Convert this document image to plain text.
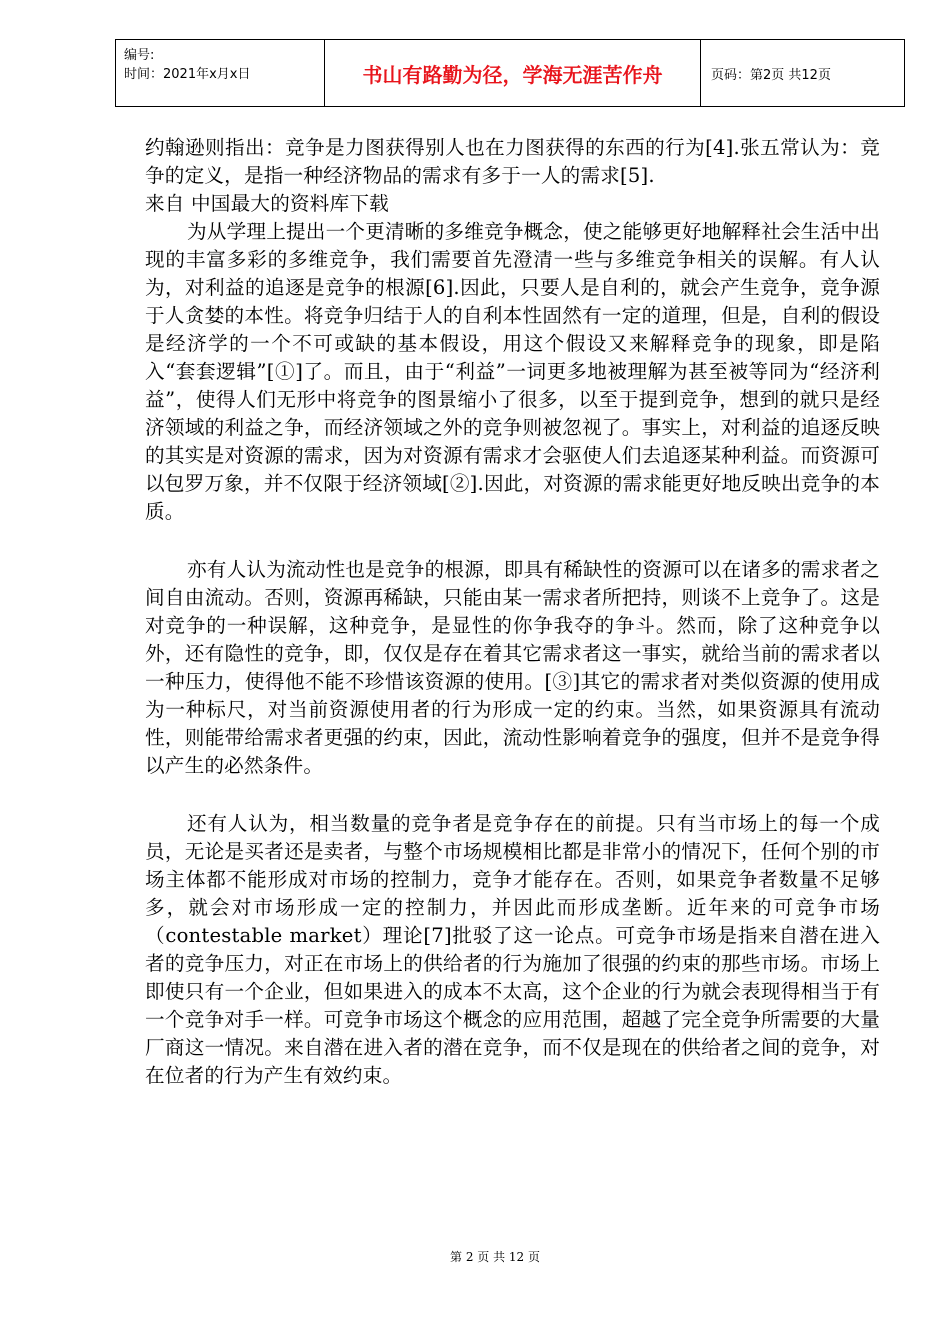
编号:
时间：2021年x月x日	书山有路勤为径，学海无涯苦作舟	页码：第2页 共12页

约翰逊则指出：竞争是力图获得别人也在力图获得的东西的行为[4].张五常认为：竞争的定义，是指一种经济物品的需求有多于一人的需求[5].

来自 中国最大的资料库下载

为从学理上提出一个更清晰的多维竞争概念，使之能够更好地解释社会生活中出现的丰富多彩的多维竞争，我们需要首先澄清一些与多维竞争相关的误解。有人认为，对利益的追逐是竞争的根源[6].因此，只要人是自利的，就会产生竞争，竞争源于人贪婪的本性。将竞争归结于人的自利本性固然有一定的道理，但是，自利的假设是经济学的一个不可或缺的基本假设，用这个假设又来解释竞争的现象，即是陷入“套套逻辑”[①]了。而且，由于“利益”一词更多地被理解为甚至被等同为“经济利益”，使得人们无形中将竞争的图景缩小了很多，以至于提到竞争，想到的就只是经济领域的利益之争，而经济领域之外的竞争则被忽视了。事实上，对利益的追逐反映的其实是对资源的需求，因为对资源有需求才会驱使人们去追逐某种利益。而资源可以包罗万象，并不仅限于经济领域[②].因此，对资源的需求能更好地反映出竞争的本质。

亦有人认为流动性也是竞争的根源，即具有稀缺性的资源可以在诸多的需求者之间自由流动。否则，资源再稀缺，只能由某一需求者所把持，则谈不上竞争了。这是对竞争的一种误解，这种竞争，是显性的你争我夺的争斗。然而，除了这种竞争以外，还有隐性的竞争，即，仅仅是存在着其它需求者这一事实，就给当前的需求者以一种压力，使得他不能不珍惜该资源的使用。[③]其它的需求者对类似资源的使用成为一种标尺，对当前资源使用者的行为形成一定的约束。当然，如果资源具有流动性，则能带给需求者更强的约束，因此，流动性影响着竞争的强度，但并不是竞争得以产生的必然条件。

还有人认为，相当数量的竞争者是竞争存在的前提。只有当市场上的每一个成员，无论是买者还是卖者，与整个市场规模相比都是非常小的情况下，任何个别的市场主体都不能形成对市场的控制力，竞争才能存在。否则，如果竞争者数量不足够多，就会对市场形成一定的控制力，并因此而形成垄断。近年来的可竞争市场（contestable market）理论[7]批驳了这一论点。可竞争市场是指来自潜在进入者的竞争压力，对正在市场上的供给者的行为施加了很强的约束的那些市场。市场上即使只有一个企业，但如果进入的成本不太高，这个企业的行为就会表现得相当于有一个竞争对手一样。可竞争市场这个概念的应用范围，超越了完全竞争所需要的大量厂商这一情况。来自潜在进入者的潜在竞争，而不仅是现在的供给者之间的竞争，对在位者的行为产生有效约束。

第 2 页 共 12 页
